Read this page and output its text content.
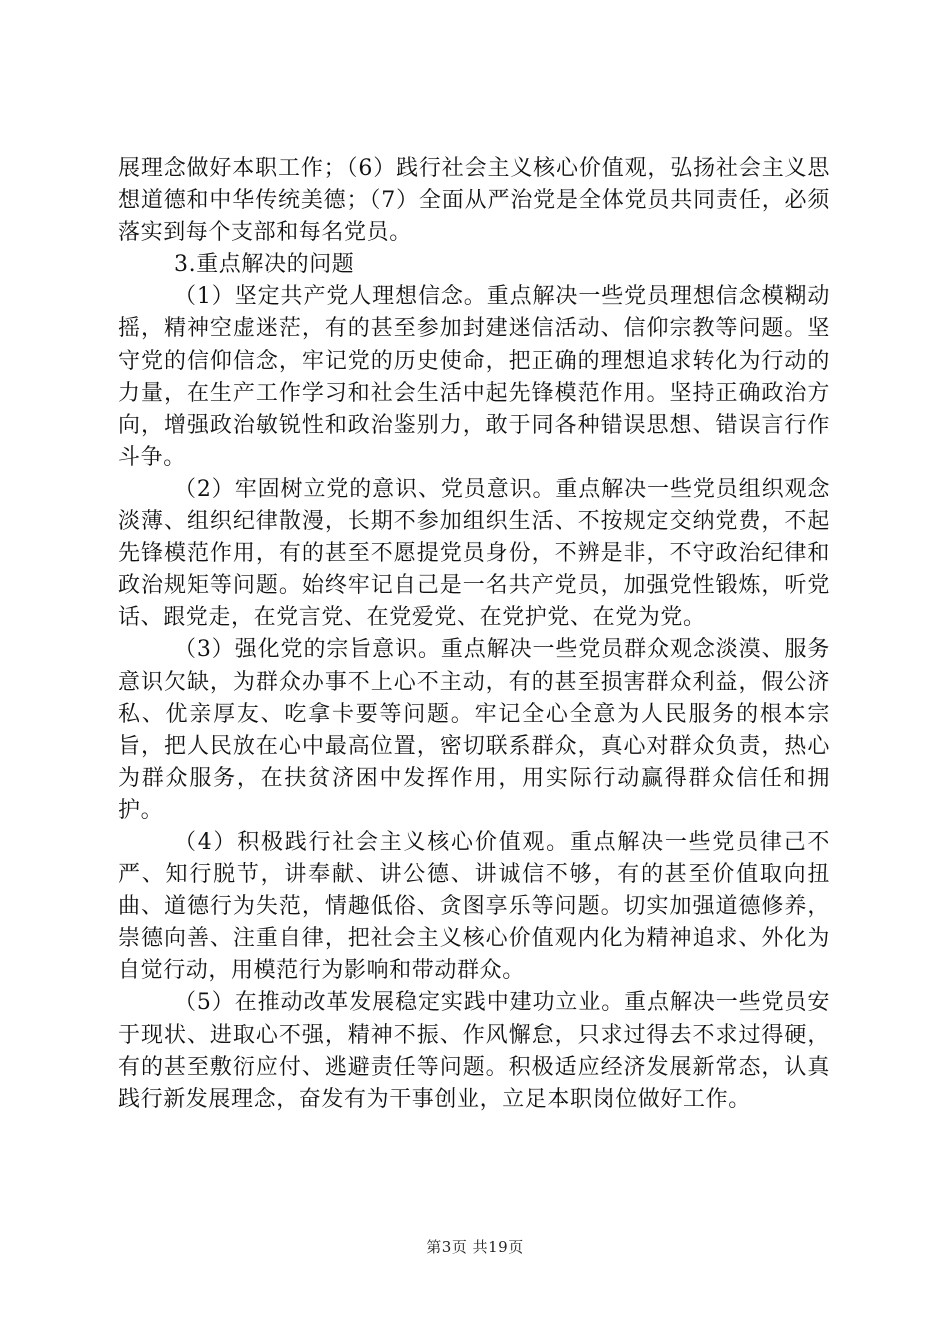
展理念做好本职工作；（6）践行社会主义核心价值观，弘扬社会主义思想道德和中华传统美德；（7）全面从严治党是全体党员共同责任，必须落实到每个支部和每名党员。

3.重点解决的问题

（1）坚定共产党人理想信念。重点解决一些党员理想信念模糊动摇，精神空虚迷茫，有的甚至参加封建迷信活动、信仰宗教等问题。坚守党的信仰信念，牢记党的历史使命，把正确的理想追求转化为行动的力量，在生产工作学习和社会生活中起先锋模范作用。坚持正确政治方向，增强政治敏锐性和政治鉴别力，敢于同各种错误思想、错误言行作斗争。

（2）牢固树立党的意识、党员意识。重点解决一些党员组织观念淡薄、组织纪律散漫，长期不参加组织生活、不按规定交纳党费，不起先锋模范作用，有的甚至不愿提党员身份，不辨是非，不守政治纪律和政治规矩等问题。始终牢记自己是一名共产党员，加强党性锻炼，听党话、跟党走，在党言党、在党爱党、在党护党、在党为党。

（3）强化党的宗旨意识。重点解决一些党员群众观念淡漠、服务意识欠缺，为群众办事不上心不主动，有的甚至损害群众利益，假公济私、优亲厚友、吃拿卡要等问题。牢记全心全意为人民服务的根本宗旨，把人民放在心中最高位置，密切联系群众，真心对群众负责，热心为群众服务，在扶贫济困中发挥作用，用实际行动赢得群众信任和拥护。

（4）积极践行社会主义核心价值观。重点解决一些党员律己不严、知行脱节，讲奉献、讲公德、讲诚信不够，有的甚至价值取向扭曲、道德行为失范，情趣低俗、贪图享乐等问题。切实加强道德修养，崇德向善、注重自律，把社会主义核心价值观内化为精神追求、外化为自觉行动，用模范行为影响和带动群众。

（5）在推动改革发展稳定实践中建功立业。重点解决一些党员安于现状、进取心不强，精神不振、作风懈怠，只求过得去不求过得硬，有的甚至敷衍应付、逃避责任等问题。积极适应经济发展新常态，认真践行新发展理念，奋发有为干事创业，立足本职岗位做好工作。

第3页 共19页
